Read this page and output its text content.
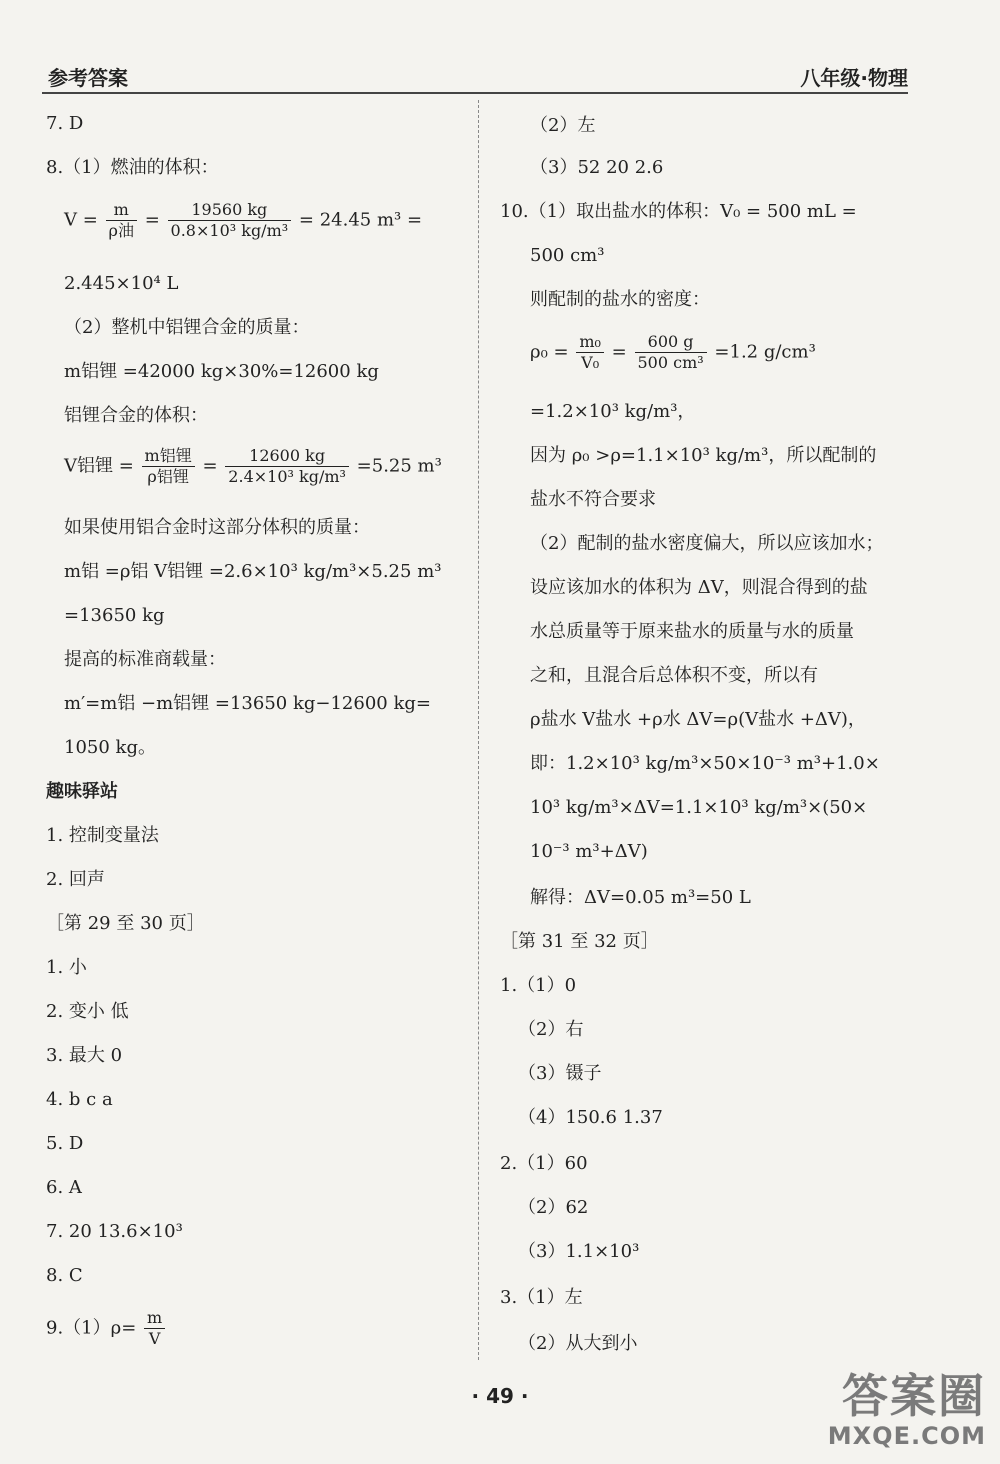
参考答案	八年级·物理
7. D
8.（1）燃油的体积：
$V = \frac{m}{\text{ρ油}} = \frac{19560 kg}{\text{0.8×10³ kg/m³}} = 24.45$ m³ =
2.445×10⁴ L
（2）整机中铝锂合金的质量：
m铝锂 =42000 kg×30%=12600 kg
铝锂合金的体积：
V铝锂 = $\frac{\text{m铝锂}}{\text{ρ铝锂}} = \frac{12600 kg}{\text{2.4×10³ kg/m³}} =5.25$ m³
如果使用铝合金时这部分体积的质量：
m铝 =ρ铝 V铝锂 =2.6×10³ kg/m³×5.25 m³
=13650 kg
提高的标准商载量：
m′=m铝 −m铝锂 =13650 kg−12600 kg=
1050 kg。
趣味驿站
1. 控制变量法
2. 回声
［第 29 至 30 页］
1. 小
2. 变小 低
3. 最大 0
4. b c a
5. D
6. A
7. 20 13.6×10³
8. C
$9.(1)\rho= \frac{m}{V}$
（2）左
（3）52 20 2.6
10.（1）取出盐水的体积：V₀ = 500 mL =
500 cm³
则配制的盐水的密度：
$\rho_0 = \frac{\text{m₀}}{\text{V₀}} = \frac{600 g}{\text{500 cm³}} =1.2$ g/cm³
=1.2×10³ kg/m³，
因为 ρ₀ >ρ=1.1×10³ kg/m³，所以配制的
盐水不符合要求
（2）配制的盐水密度偏大，所以应该加水；
设应该加水的体积为 ΔV，则混合得到的盐
水总质量等于原来盐水的质量与水的质量
之和，且混合后总体积不变，所以有
ρ盐水 V盐水 +ρ水 ΔV=ρ(V盐水 +ΔV)，
即：1.2×10³ kg/m³×50×10⁻³ m³+1.0×
10³ kg/m³×ΔV=1.1×10³ kg/m³×(50×
10⁻³ m³+ΔV)
解得：ΔV=0.05 m³=50 L
［第 31 至 32 页］
1.（1）0
（2）右
（3）镊子
（4）150.6 1.37
2.（1）60
（2）62
（3）1.1×10³
3.（1）左
（2）从大到小
· 49 ·	答案圈
MXQE.COM
